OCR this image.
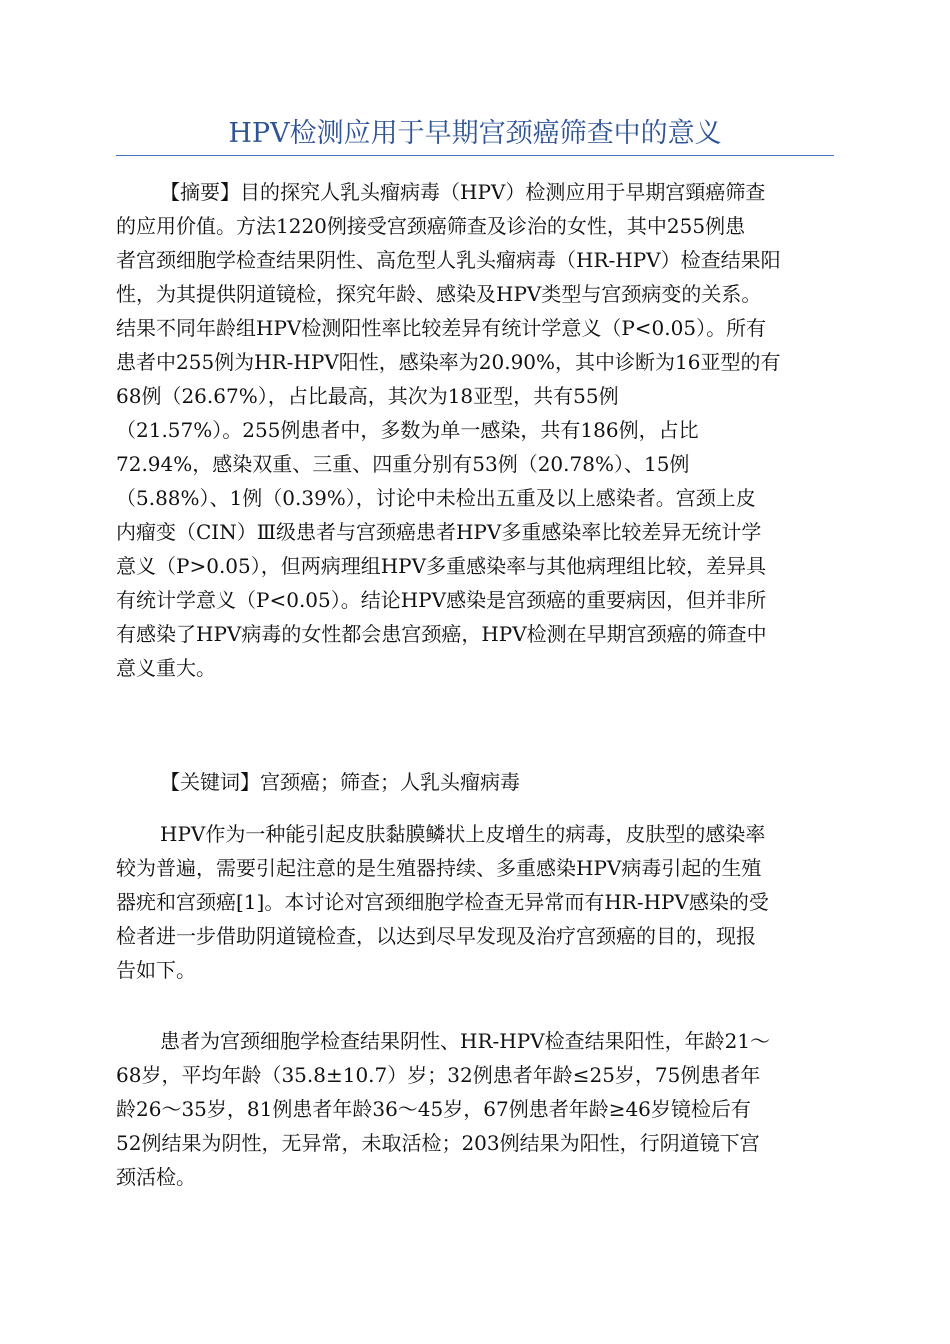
HPV检测应用于早期宫颈癌筛查中的意义
【摘要】目的探究人乳头瘤病毒（HPV）检测应用于早期宫頸癌筛查
的应用价值。方法1220例接受宫颈癌筛查及诊治的女性，其中255例患
者宫颈细胞学检查结果阴性、高危型人乳头瘤病毒（HR-HPV）检查结果阳
性，为其提供阴道镜检，探究年龄、感染及HPV类型与宫颈病变的关系。
结果不同年龄组HPV检测阳性率比较差异有统计学意义（P<0.05）。所有
患者中255例为HR-HPV阳性，感染率为20.90%，其中诊断为16亚型的有
68例（26.67%），占比最高，其次为18亚型，共有55例
（21.57%）。255例患者中，多数为单一感染，共有186例，占比
72.94%，感染双重、三重、四重分别有53例（20.78%）、15例
（5.88%）、1例（0.39%），讨论中未检出五重及以上感染者。宫颈上皮
内瘤变（CIN）Ⅲ级患者与宫颈癌患者HPV多重感染率比较差异无统计学
意义（P>0.05），但两病理组HPV多重感染率与其他病理组比较，差异具
有统计学意义（P<0.05）。结论HPV感染是宫颈癌的重要病因，但并非所
有感染了HPV病毒的女性都会患宫颈癌，HPV检测在早期宫颈癌的筛查中
意义重大。
【关键词】宫颈癌；筛查；人乳头瘤病毒
HPV作为一种能引起皮肤黏膜鳞状上皮增生的病毒，皮肤型的感染率
较为普遍，需要引起注意的是生殖器持续、多重感染HPV病毒引起的生殖
器疣和宫颈癌[1]。本讨论对宫颈细胞学检查无异常而有HR-HPV感染的受
检者进一步借助阴道镜检查，以达到尽早发现及治疗宫颈癌的目的，现报
告如下。
患者为宫颈细胞学检查结果阴性、HR-HPV检查结果阳性，年龄21～
68岁，平均年龄（35.8±10.7）岁；32例患者年龄≤25岁，75例患者年
龄26～35岁，81例患者年龄36～45岁，67例患者年龄≥46岁镜检后有
52例结果为阴性，无异常，未取活检；203例结果为阳性，行阴道镜下宫
颈活检。
